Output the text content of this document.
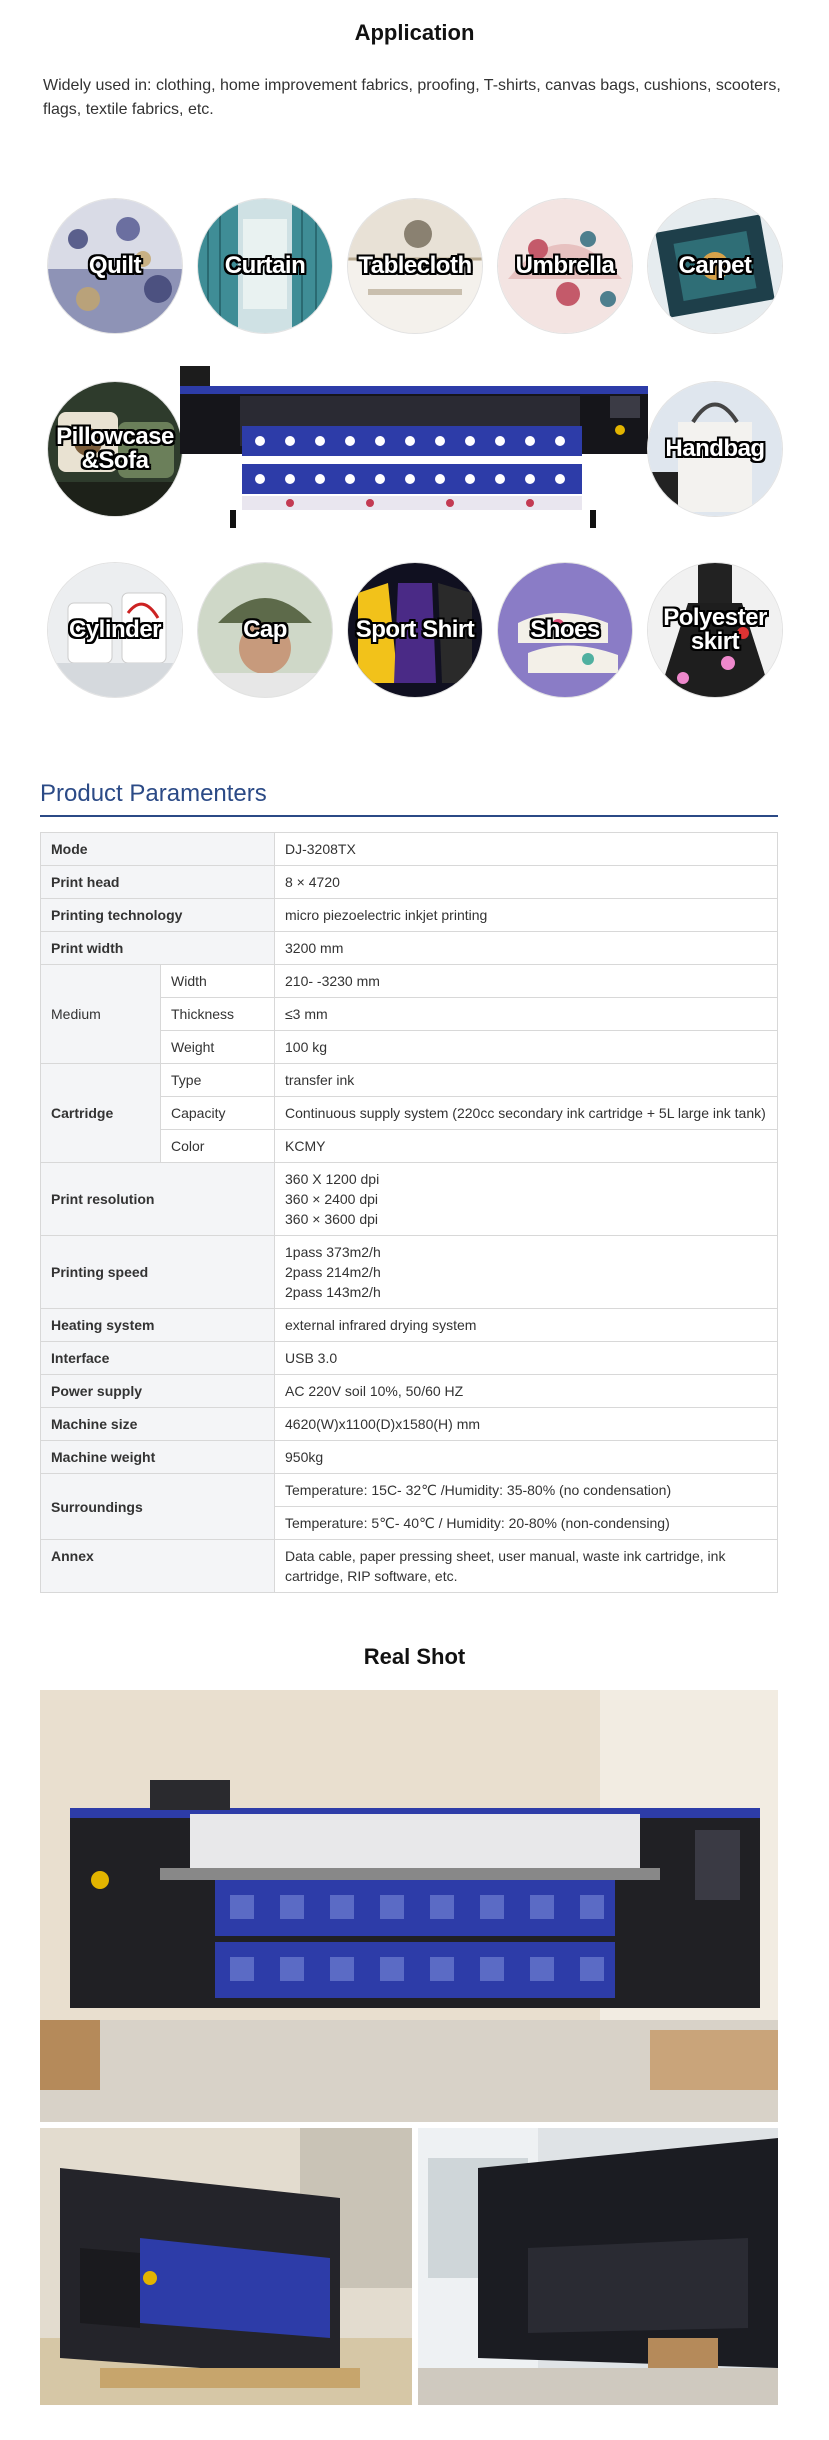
Application
Widely used in: clothing, home improvement fabrics, proofing, T-shirts, canvas bags, cushions, scooters, flags, textile fabrics, etc.
Quilt	Curtain	Tablecloth	Umbrella	Carpet
Pillowcase &Sofa	Handbag
Cylinder	Cap	Sport Shirt	Shoes	Polyester skirt
Product Paramenters
Mode		DJ-3208TX
Print head		8 × 4720
Printing technology		micro piezoelectric inkjet printing
Print width		3200 mm
Medium	Width	210- -3230 mm
	Thickness	≤3 mm
	Weight	100 kg
Cartridge	Type	transfer ink
	Capacity	Continuous supply system (220cc secondary ink cartridge + 5L large ink tank)
	Color	KCMY
Print resolution		360 X 1200 dpi
360 × 2400 dpi
360 × 3600 dpi

Printing speed		1pass 373m2/h
2pass 214m2/h
2pass 143m2/h

Heating system		external infrared drying system
Interface		USB 3.0
Power supply		AC 220V soil 10%, 50/60 HZ
Machine size		4620(W)x1100(D)x1580(H) mm
Machine weight		950kg
Surroundings		Temperature: 15C- 32℃ /Humidity: 35-80% (no condensation)
		Temperature: 5℃- 40℃ / Humidity: 20-80% (non-condensing)
Annex		Data cable, paper pressing sheet, user manual, waste ink cartridge, ink cartridge, RIP software, etc.
Real Shot
